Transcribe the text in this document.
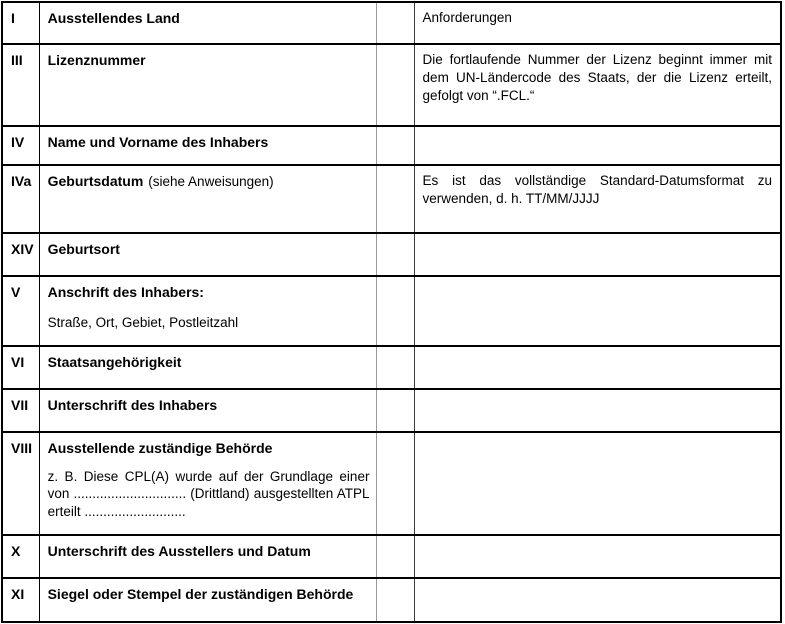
I	Ausstellendes Land		Anforderungen
III	Lizenznummer		Die fortlaufende Nummer der Lizenz beginnt immer mit dem UN-Ländercode des Staats, der die Lizenz erteilt, gefolgt von “.FCL.“
IV	Name und Vorname des Inhabers		
IVa	Geburtsdatum (siehe Anweisungen)		Es ist das vollständige Standard-Datumsformat zu verwenden, d. h. TT/MM/JJJJ
XIV	Geburtsort		
V	Anschrift des Inhabers:
Straße, Ort, Gebiet, Postleitzahl		

VI	Staatsangehörigkeit		
VII	Unterschrift des Inhabers		
VIII	Ausstellende zuständige Behörde
z. B. Diese CPL(A) wurde auf der Grundlage einer von .............................. (Drittland) ausgestellten ATPL erteilt ...........................		

X	Unterschrift des Ausstellers und Datum		
XI	Siegel oder Stempel der zuständigen Behörde		
